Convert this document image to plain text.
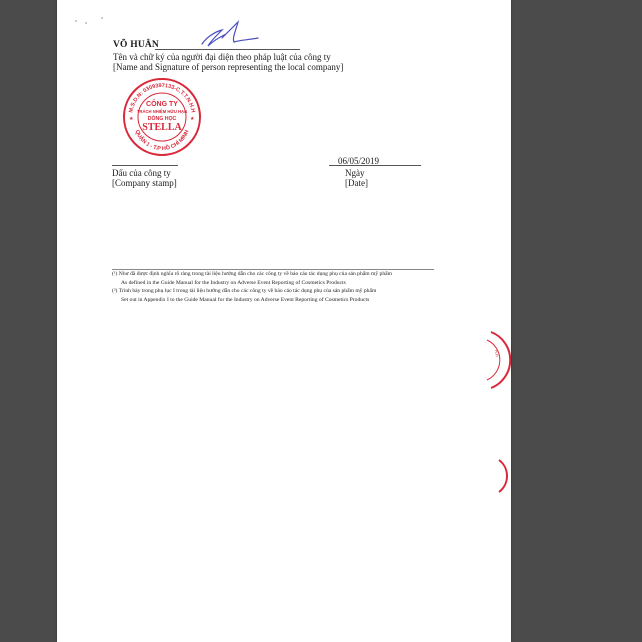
VÕ HUÂN
Tên và chữ ký của người đại diện theo pháp luật của công ty
[Name and Signature of person representing the local company]
M.S.D.N: 0309397133-C.T.T.N.H.H
QUẬN 1 - T.P HỒ CHÍ MINH
CÔNG TY
TRÁCH NHIỆM HỮU HẠN
DÒNG HỌC
STELLA
★	★
Dấu của công ty
[Company stamp]
06/05/2019
Ngày
[Date]
(¹) Như đã được định nghĩa rõ ràng trong tài liệu hướng dẫn cho các công ty về báo cáo tác dụng phụ của sản phẩm mỹ phẩm
As defined in the Guide Manual for the Industry on Adverse Event Reporting of Cosmetics Products
(²) Trình bày trong phụ lục I trong tài liệu hướng dẫn cho các công ty về báo cáo tác dụng phụ của sản phẩm mỹ phẩm
Set out in Appendix I to the Guide Manual for the Industry on Adverse Event Reporting of Cosmetics Products
H.H
